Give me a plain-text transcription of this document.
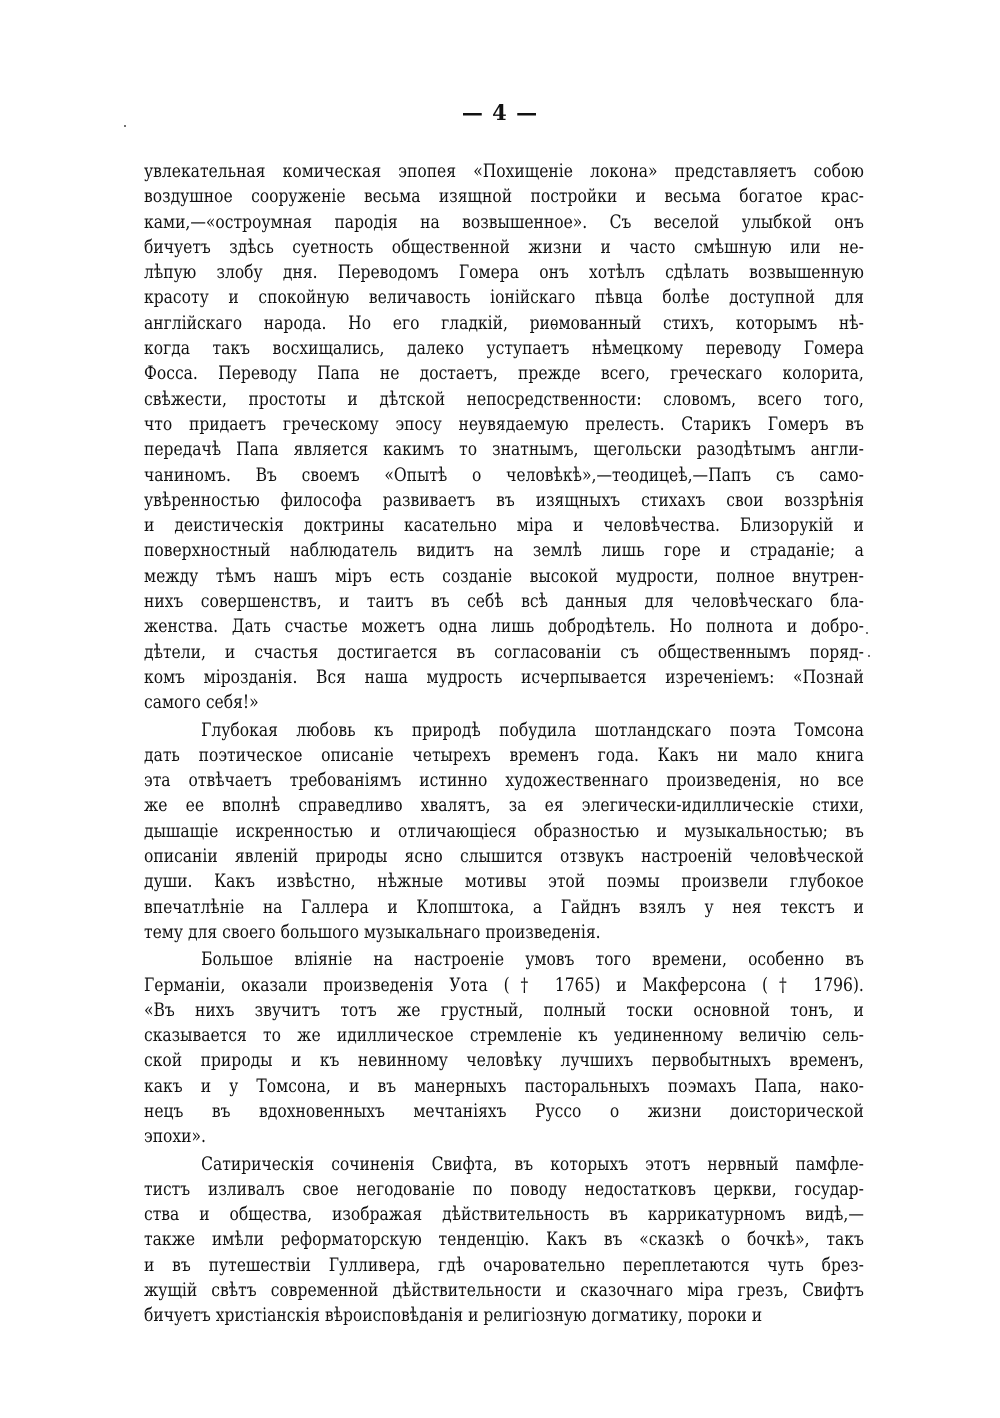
— 4 —
увлекательная комическая эпопея «Похищеніе локона» представляетъ собою
воздушное сооруженіе весьма изящной постройки и весьма богатое крас-
ками,—«остроумная пародія на возвышенное». Съ веселой улыбкой онъ
бичуетъ здѣсь суетность общественной жизни и часто смѣшную или не-
лѣпую злобу дня. Переводомъ Гомера онъ хотѣлъ сдѣлать возвышенную
красоту и спокойную величавость іонійскаго пѣвца болѣе доступной для
англійскаго народа. Но его гладкій, риѳмованный стихъ, которымъ нѣ-
когда такъ восхищались, далеко уступаетъ нѣмецкому переводу Гомера
Фосса. Переводу Папа не достаетъ, прежде всего, греческаго колорита,
свѣжести, простоты и дѣтской непосредственности: словомъ, всего того,
что придаетъ греческому эпосу неувядаемую прелесть. Старикъ Гомеръ въ
передачѣ Папа является какимъ то знатнымъ, щегольски разодѣтымъ англи-
чаниномъ. Въ своемъ «Опытѣ о человѣкѣ»,—теодицеѣ,—Папъ съ само-
увѣренностью философа развиваетъ въ изящныхъ стихахъ свои воззрѣнія
и деистическія доктрины касательно міра и человѣчества. Близорукій и
поверхностный наблюдатель видитъ на землѣ лишь горе и страданіе; а
между тѣмъ нашъ міръ есть созданіе высокой мудрости, полное внутрен-
нихъ совершенствъ, и таитъ въ себѣ всѣ данныя для человѣческаго бла-
женства. Дать счастье можетъ одна лишь добродѣтель. Но полнота и добро-
дѣтели, и счастья достигается въ согласованіи съ общественнымъ поряд-
комъ мірозданія. Вся наша мудрость исчерпывается изреченіемъ: «Познай
самого себя!»
Глубокая любовь къ природѣ побудила шотландскаго поэта Томсона
дать поэтическое описаніе четырехъ временъ года. Какъ ни мало книга
эта отвѣчаетъ требованіямъ истинно художественнаго произведенія, но все
же ее вполнѣ справедливо хвалятъ, за ея элегически-идиллическіе стихи,
дышащіе искренностью и отличающіеся образностью и музыкальностью; въ
описаніи явленій природы ясно слышится отзвукъ настроеній человѣческой
души. Какъ извѣстно, нѣжные мотивы этой поэмы произвели глубокое
впечатлѣніе на Галлера и Клопштока, а Гайднъ взялъ у нея текстъ и
тему для своего большого музыкальнаго произведенія.
Большое вліяніе на настроеніе умовъ того времени, особенно въ
Германіи, оказали произведенія Уота († 1765) и Макферсона († 1796).
«Въ нихъ звучитъ тотъ же грустный, полный тоски основной тонъ, и
сказывается то же идиллическое стремленіе къ уединенному величію сель-
ской природы и къ невинному человѣку лучшихъ первобытныхъ временъ,
какъ и у Томсона, и въ манерныхъ пасторальныхъ поэмахъ Папа, нако-
нецъ въ вдохновенныхъ мечтаніяхъ Руссо о жизни доисторической
эпохи».
Сатирическія сочиненія Свифта, въ которыхъ этотъ нервный памфле-
тистъ изливалъ свое негодованіе по поводу недостатковъ церкви, государ-
ства и общества, изображая дѣйствительность въ каррикатурномъ видѣ,—
также имѣли реформаторскую тенденцію. Какъ въ «сказкѣ о бочкѣ», такъ
и въ путешествіи Гулливера, гдѣ очаровательно переплетаются чуть брез-
жущій свѣтъ современной дѣйствительности и сказочнаго міра грезъ, Свифтъ
бичуетъ христіанскія вѣроисповѣданія и религіозную догматику, пороки и
